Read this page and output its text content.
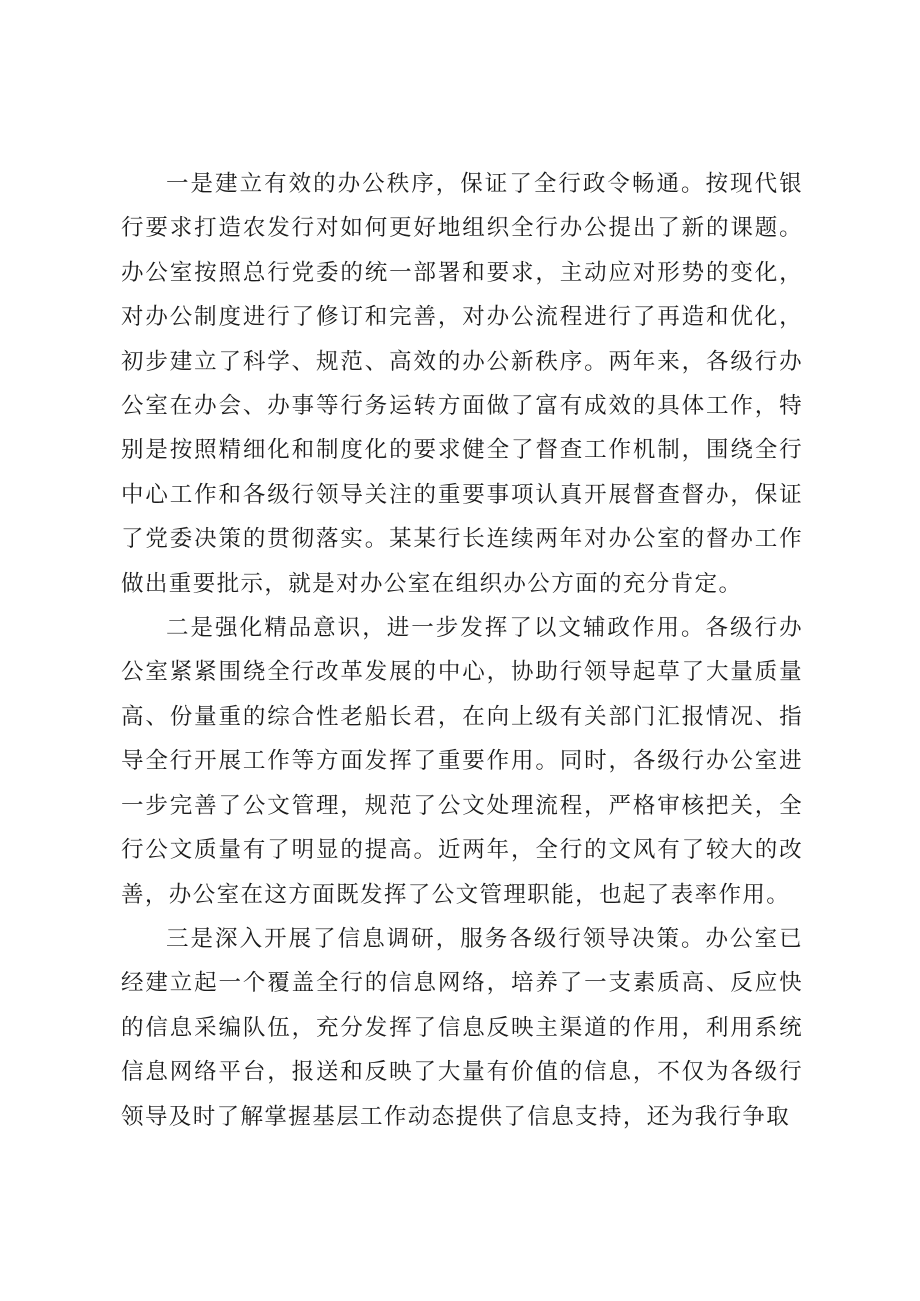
一是建立有效的办公秩序，保证了全行政令畅通。按现代银行要求打造农发行对如何更好地组织全行办公提出了新的课题。办公室按照总行党委的统一部署和要求，主动应对形势的变化，对办公制度进行了修订和完善，对办公流程进行了再造和优化，初步建立了科学、规范、高效的办公新秩序。两年来，各级行办公室在办会、办事等行务运转方面做了富有成效的具体工作，特别是按照精细化和制度化的要求健全了督查工作机制，围绕全行中心工作和各级行领导关注的重要事项认真开展督查督办，保证了党委决策的贯彻落实。某某行长连续两年对办公室的督办工作做出重要批示，就是对办公室在组织办公方面的充分肯定。

二是强化精品意识，进一步发挥了以文辅政作用。各级行办公室紧紧围绕全行改革发展的中心，协助行领导起草了大量质量高、份量重的综合性老船长君，在向上级有关部门汇报情况、指导全行开展工作等方面发挥了重要作用。同时，各级行办公室进一步完善了公文管理，规范了公文处理流程，严格审核把关，全行公文质量有了明显的提高。近两年，全行的文风有了较大的改善，办公室在这方面既发挥了公文管理职能，也起了表率作用。

三是深入开展了信息调研，服务各级行领导决策。办公室已经建立起一个覆盖全行的信息网络，培养了一支素质高、反应快的信息采编队伍，充分发挥了信息反映主渠道的作用，利用系统信息网络平台，报送和反映了大量有价值的信息，不仅为各级行领导及时了解掌握基层工作动态提供了信息支持，还为我行争取
